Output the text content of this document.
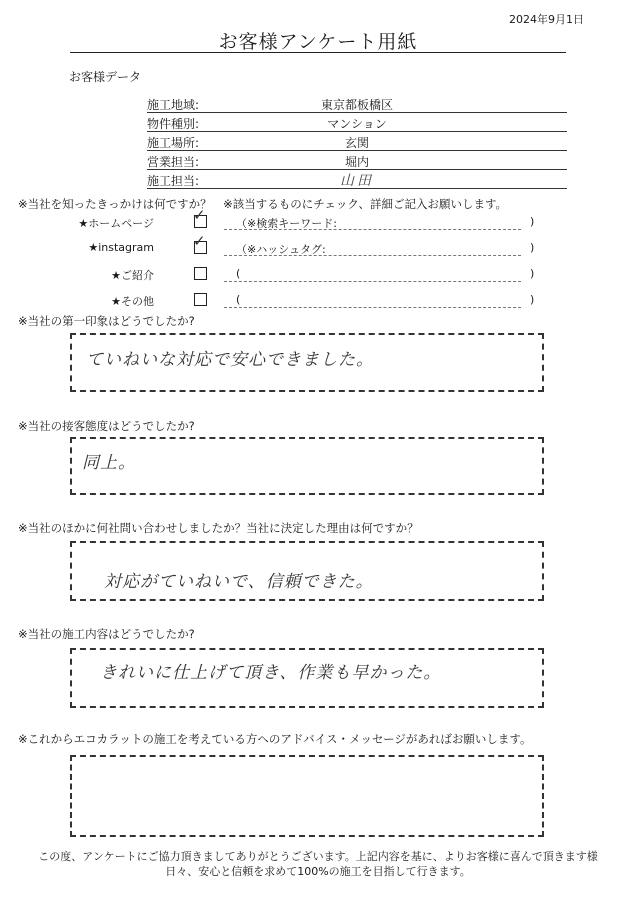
2024年9月1日
お客様アンケート用紙
お客様データ
施工地域:	東京都板橋区
物件種別:	マンション
施工場所:	玄関
営業担当:	堀内
施工担当:	山田
※当社を知ったきっかけは何ですか？　※該当するものにチェック、詳細ご記入お願いします。
★ホームページ	✓	（※検索キーワード:	)
★instagram	✓	（※ハッシュタグ:	)
★ご紹介	(	)
★その他	(	)
※当社の第一印象はどうでしたか?
ていねいな対応で安心できました。
※当社の接客態度はどうでしたか?
同上。
※当社のほかに何社問い合わせしましたか？当社に決定した理由は何ですか？
対応がていねいで、信頼できた。
※当社の施工内容はどうでしたか?
きれいに仕上げて頂き、作業も早かった。
※これからエコカラットの施工を考えている方へのアドバイス・メッセージがあればお願いします。
この度、アンケートにご協力頂きましてありがとうございます。上記内容を基に、よりお客様に喜んで頂きます様
日々、安心と信頼を求めて100%の施工を目指して行きます。
